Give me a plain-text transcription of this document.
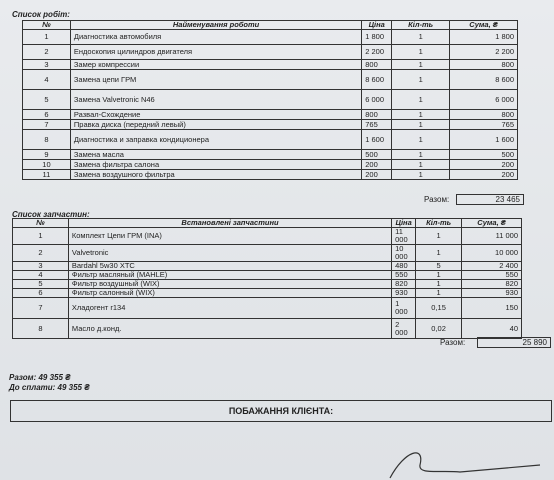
Список робіт:
№	Найменування роботи	Ціна	Кіл-ть	Сума, ₴
1	Диагностика автомобиля	1 800	1	1 800
2	Ендоскопия цилиндров двигателя	2 200	1	2 200
3	Замер компрессии	800	1	800
4	Замена цепи ГРМ	8 600	1	8 600
5	Замена Valvetronic N46	6 000	1	6 000
6	Развал-Схождение	800	1	800
7	Правка диска (передний левый)	765	1	765
8	Диагностика и заправка кондиционера	1 600	1	1 600
9	Замена масла	500	1	500
10	Замена фильтра салона	200	1	200
11	Замена воздушного фильтра	200	1	200
Разом:	23 465
Список запчастин:
№	Встановлені запчастини	Ціна	Кіл-ть	Сума, ₴
1	Комплект Цепи ГРМ (INA)	11 000	1	11 000
2	Valvetronic	10 000	1	10 000
3	Bardahl 5w30 XTC	480	5	2 400
4	Фильтр масляный (MAHLE)	550	1	550
5	Фильтр воздушный (WIX)	820	1	820
6	Фильтр салонный (WIX)	930	1	930
7	Хладогент r134	1 000	0,15	150
8	Масло д.конд.	2 000	0,02	40
Разом:	25 890
Разом: 49 355 ₴
До сплати: 49 355 ₴
ПОБАЖАННЯ КЛІЄНТА:
